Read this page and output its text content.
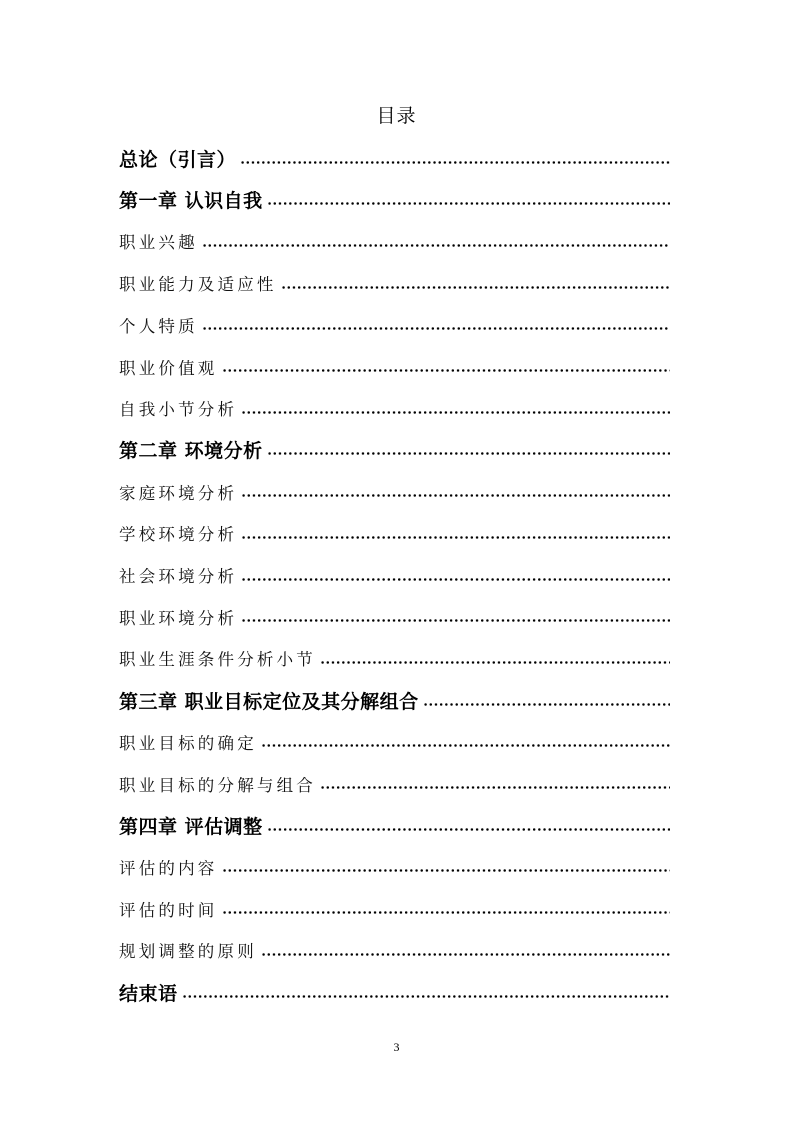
目录
总论（引言）
第一章 认识自我
职业兴趣
职业能力及适应性
个人特质
职业价值观
自我小节分析
第二章 环境分析
家庭环境分析
学校环境分析
社会环境分析
职业环境分析
职业生涯条件分析小节
第三章 职业目标定位及其分解组合
职业目标的确定
职业目标的分解与组合
第四章 评估调整
评估的内容
评估的时间
规划调整的原则
结束语
3
